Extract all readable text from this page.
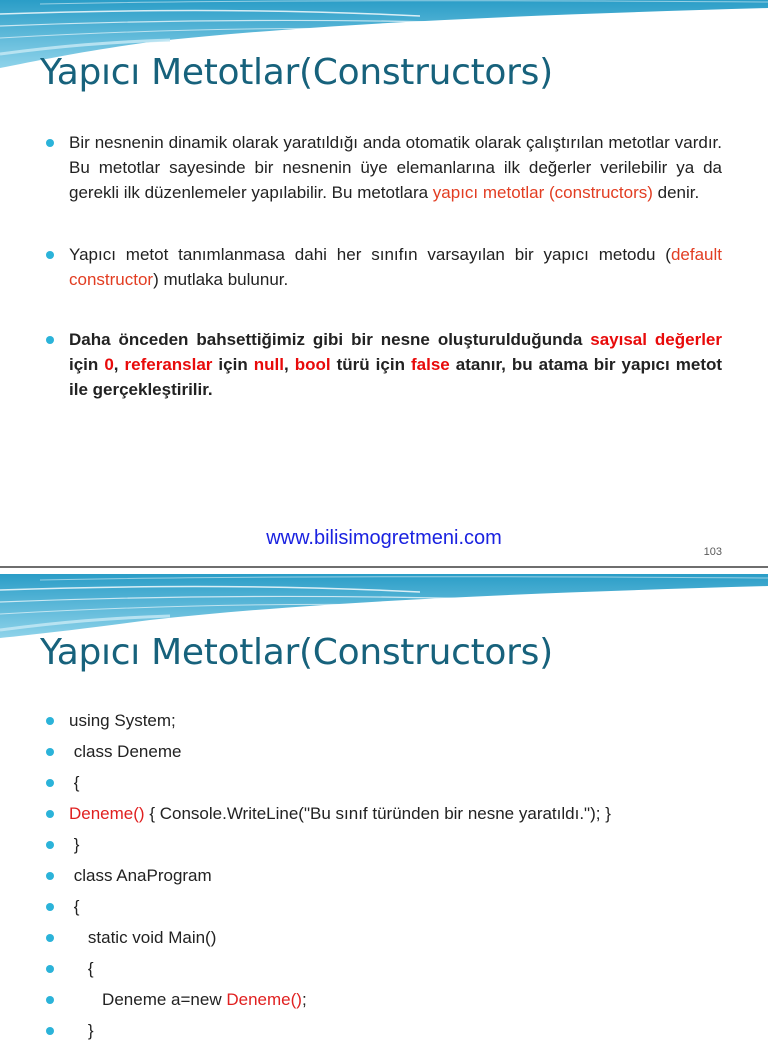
Yapıcı Metotlar(Constructors)
Bir nesnenin dinamik olarak yaratıldığı anda otomatik olarak çalıştırılan metotlar vardır. Bu metotlar sayesinde bir nesnenin üye elemanlarına ilk değerler verilebilir ya da gerekli ilk düzenlemeler yapılabilir. Bu metotlara yapıcı metotlar (constructors) denir.
Yapıcı metot tanımlanmasa dahi her sınıfın varsayılan bir yapıcı metodu (default constructor) mutlaka bulunur.
Daha önceden bahsettiğimiz gibi bir nesne oluşturulduğunda sayısal değerler için 0, referanslar için null, bool türü için false atanır, bu atama bir yapıcı metot ile gerçekleştirilir.
www.bilisimogretmeni.com
103
Yapıcı Metotlar(Constructors)
using System;
class Deneme
{
Deneme() { Console.WriteLine("Bu sınıf türünden bir nesne yaratıldı."); }
}
class AnaProgram
{
static void Main()
{
Deneme a=new Deneme();
}
